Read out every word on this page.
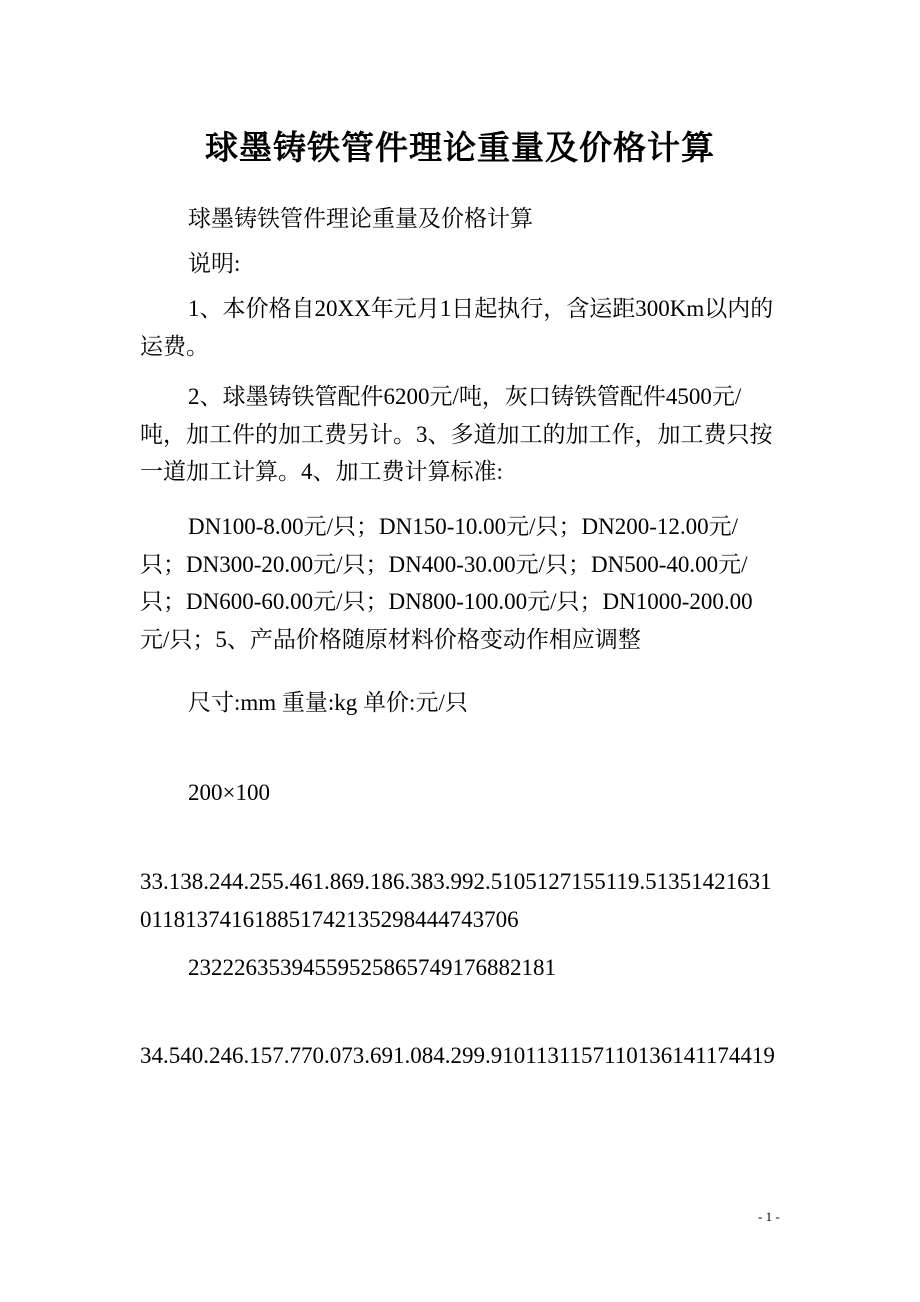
球墨铸铁管件理论重量及价格计算
球墨铸铁管件理论重量及价格计算
说明:
1、本价格自20XX年元月1日起执行，含运距300Km以内的运费。
2、球墨铸铁管配件6200元/吨，灰口铸铁管配件4500元/吨，加工件的加工费另计。3、多道加工的加工作，加工费只按一道加工计算。4、加工费计算标准:
DN100-8.00元/只；DN150-10.00元/只；DN200-12.00元/只；DN300-20.00元/只；DN400-30.00元/只；DN500-40.00元/只；DN600-60.00元/只；DN800-100.00元/只；DN1000-200.00元/只；5、产品价格随原材料价格变动作相应调整
尺寸:mm 重量:kg 单价:元/只
200×100
33.138.244.255.461.869.186.383.992.5105127155119.5135142163101181374161885174213529844474370​6
2322263539455952586574917688​2181
34.540.246.157.770.073.691.084.299.9101131157110136141174419
- 1 -
